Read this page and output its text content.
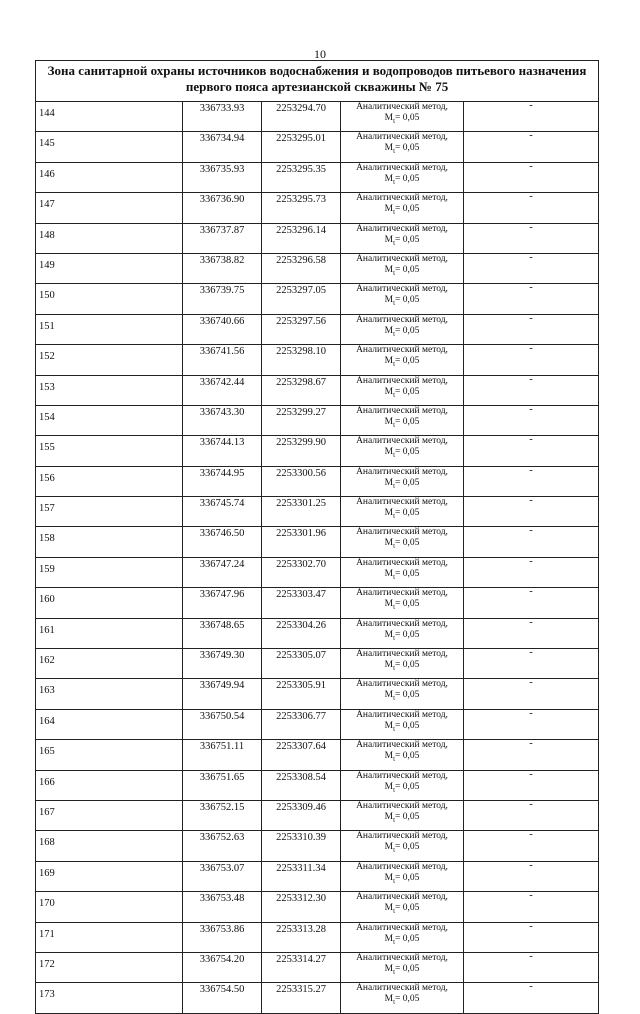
10
Зона санитарной охраны источников водоснабжения и водопроводов питьевого назначения
первого пояса артезианской скважины № 75				

144	336733.93	2253294.70	Аналитический метод,
$M_t= 0,05$	-
145	336734.94	2253295.01	Аналитический метод,
$M_t= 0,05$	-
146	336735.93	2253295.35	Аналитический метод,
$M_t= 0,05$	-
147	336736.90	2253295.73	Аналитический метод,
$M_t= 0,05$	-
148	336737.87	2253296.14	Аналитический метод,
$M_t= 0,05$	-
149	336738.82	2253296.58	Аналитический метод,
$M_t= 0,05$	-
150	336739.75	2253297.05	Аналитический метод,
$M_t= 0,05$	-
151	336740.66	2253297.56	Аналитический метод,
$M_t= 0,05$	-
152	336741.56	2253298.10	Аналитический метод,
$M_t= 0,05$	-
153	336742.44	2253298.67	Аналитический метод,
$M_t= 0,05$	-
154	336743.30	2253299.27	Аналитический метод,
$M_t= 0,05$	-
155	336744.13	2253299.90	Аналитический метод,
$M_t= 0,05$	-
156	336744.95	2253300.56	Аналитический метод,
$M_t= 0,05$	-
157	336745.74	2253301.25	Аналитический метод,
$M_t= 0,05$	-
158	336746.50	2253301.96	Аналитический метод,
$M_t= 0,05$	-
159	336747.24	2253302.70	Аналитический метод,
$M_t= 0,05$	-
160	336747.96	2253303.47	Аналитический метод,
$M_t= 0,05$	-
161	336748.65	2253304.26	Аналитический метод,
$M_t= 0,05$	-
162	336749.30	2253305.07	Аналитический метод,
$M_t= 0,05$	-
163	336749.94	2253305.91	Аналитический метод,
$M_t= 0,05$	-
164	336750.54	2253306.77	Аналитический метод,
$M_t= 0,05$	-
165	336751.11	2253307.64	Аналитический метод,
$M_t= 0,05$	-
166	336751.65	2253308.54	Аналитический метод,
$M_t= 0,05$	-
167	336752.15	2253309.46	Аналитический метод,
$M_t= 0,05$	-
168	336752.63	2253310.39	Аналитический метод,
$M_t= 0,05$	-
169	336753.07	2253311.34	Аналитический метод,
$M_t= 0,05$	-
170	336753.48	2253312.30	Аналитический метод,
$M_t= 0,05$	-
171	336753.86	2253313.28	Аналитический метод,
$M_t= 0,05$	-
172	336754.20	2253314.27	Аналитический метод,
$M_t= 0,05$	-
173	336754.50	2253315.27	Аналитический метод,
$M_t= 0,05$	-
